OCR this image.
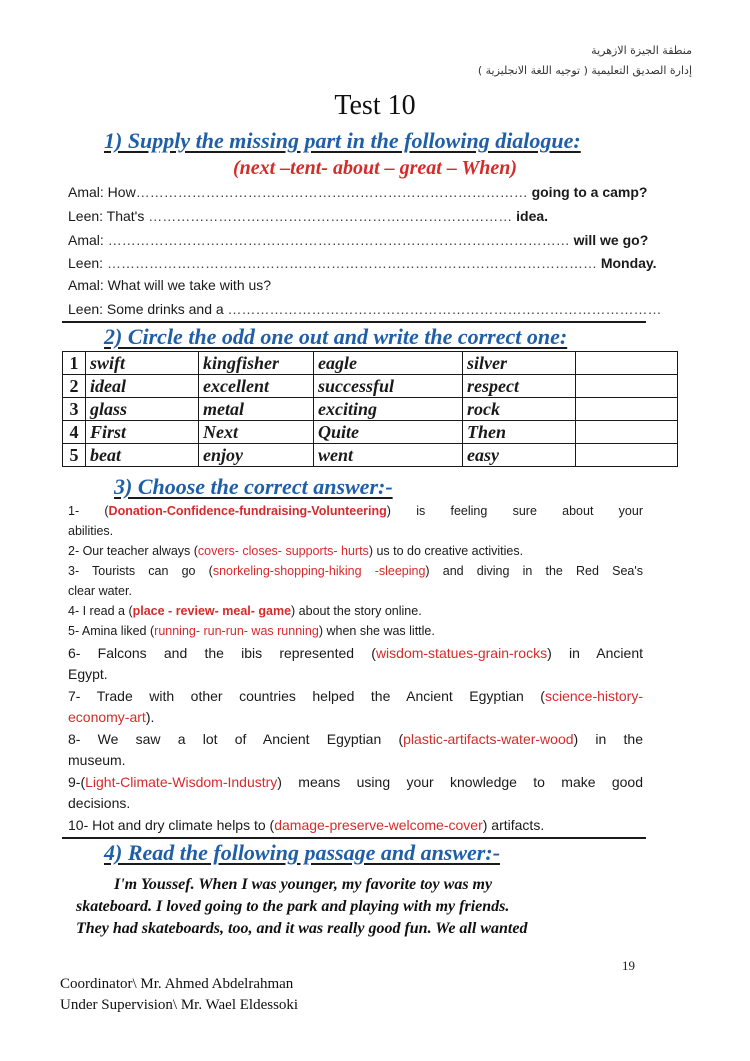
منطقة الجيزة الازهرية
إدارة الصديق التعليمية ( توجيه اللغة الانجليزية )
Test 10
1) Supply the missing part in the following dialogue:
(next –tent- about – great – When)
Amal: How………………………………………………………………………… going to a camp?
Leen: That's …………………………………………………………………… idea.
Amal: ……………………………………………………………………………………… will we go?
Leen: …………………………………………………………………………………………… Monday.
Amal: What will we take with us?
Leen: Some drinks and a …………………………………………………………………………………
2) Circle the odd one out and write the correct one:
1	swift	kingfisher	eagle	silver	
2	ideal	excellent	successful	respect	
3	glass	metal	exciting	rock	
4	First	Next	Quite	Then	
5	beat	enjoy	went	easy	
3) Choose the correct answer:-
1- (Donation-Confidence-fundraising-Volunteering) is feeling sure about your
abilities.
2- Our teacher always (covers- closes- supports- hurts) us to do creative activities.
3- Tourists can go (snorkeling-shopping-hiking -sleeping) and diving in the Red Sea's
clear water.
4- I read a (place - review- meal- game) about the story online.
5- Amina liked (running- run-run- was running) when she was little.
6- Falcons and the ibis represented (wisdom-statues-grain-rocks) in Ancient
Egypt.
7- Trade with other countries helped the Ancient Egyptian (science-history-
economy-art).
8- We saw a lot of Ancient Egyptian (plastic-artifacts-water-wood) in the
museum.
9-(Light-Climate-Wisdom-Industry) means using your knowledge to make good
decisions.
10- Hot and dry climate helps to (damage-preserve-welcome-cover) artifacts.
4) Read the following passage and answer:-
I'm Youssef. When I was younger, my favorite toy was my
skateboard. I loved going to the park and playing with my friends.
They had skateboards, too, and it was really good fun. We all wanted
19
Coordinator\ Mr. Ahmed Abdelrahman
Under Supervision\ Mr. Wael Eldessoki
